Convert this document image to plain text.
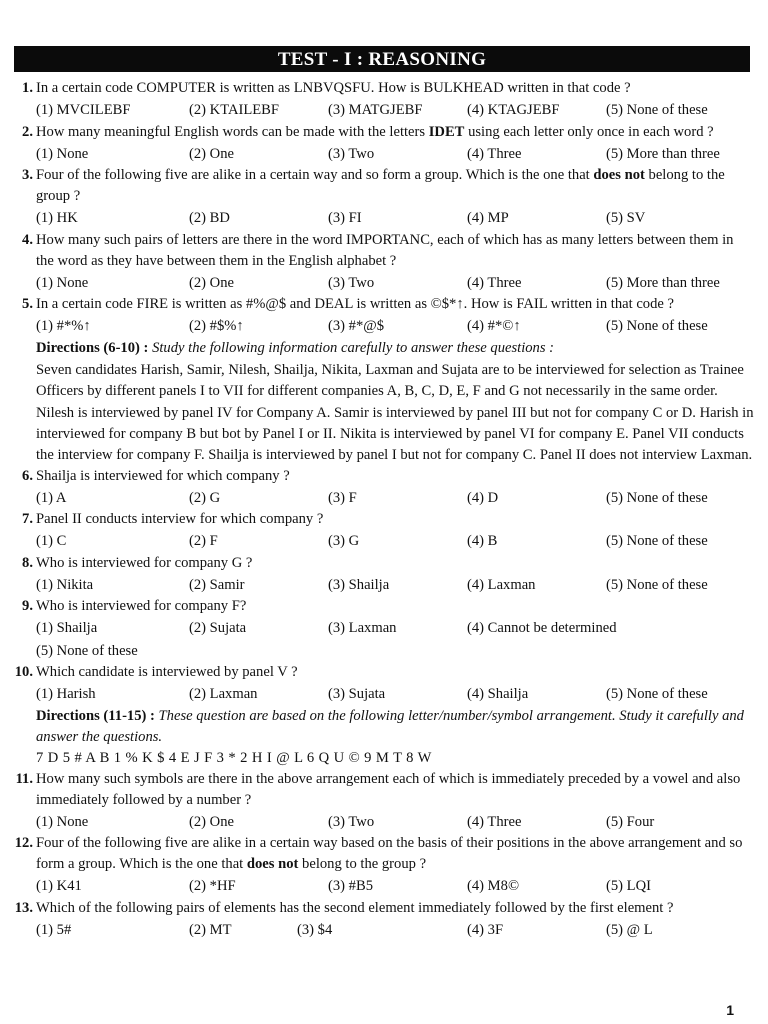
TEST - I : REASONING
1. In a certain code COMPUTER is written as LNBVQSFU. How is BULKHEAD written in that code ?
(1) MVCILEBF	(2) KTAILEBF	(3) MATGJEBF	(4) KTAGJEBF	(5) None of these
2. How many meaningful English words can be made with the letters IDET using each letter only once in each word ?
(1) None	(2) One	(3) Two	(4) Three	(5) More than three
3. Four of the following five are alike in a certain way and so form a group. Which is the one that does not belong to the group ?
(1) HK	(2) BD	(3) FI	(4) MP	(5) SV
4. How many such pairs of letters are there in the word IMPORTANC, each of which has as many letters between them in the word as they have between them in the English alphabet ?
(1) None	(2) One	(3) Two	(4) Three	(5) More than three
5. In a certain code FIRE is written as #%@$ and DEAL is written as ©$*↑. How is FAIL written in that code ?
(1) #*%↑	(2) #$%↑	(3) #*@$	(4) #*©↑	(5) None of these
Directions (6-10) : Study the following information carefully to answer these questions :
Seven candidates Harish, Samir, Nilesh, Shailja, Nikita, Laxman and Sujata are to be interviewed for selection as Trainee Officers by different panels I to VII for different companies A, B, C, D, E, F and G not necessarily in the same order.
Nilesh is interviewed by panel IV for Company A. Samir is interviewed by panel III but not for company C or D. Harish in interviewed for company B but bot by Panel I or II. Nikita is interviewed by panel VI for company E. Panel VII conducts the interview for company F. Shailja is interviewed by panel I but not for company C. Panel II does not interview Laxman.
6. Shailja is interviewed for which company ?
(1) A	(2) G	(3) F	(4) D	(5) None of these
7. Panel II conducts interview for which company ?
(1) C	(2) F	(3) G	(4) B	(5) None of these
8. Who is interviewed for company G ?
(1) Nikita	(2) Samir	(3) Shailja	(4) Laxman	(5) None of these
9. Who is interviewed for company F?
(1) Shailja	(2) Sujata	(3) Laxman	(4) Cannot be determined
(5) None of these
10. Which candidate is interviewed by panel V ?
(1) Harish	(2) Laxman	(3) Sujata	(4) Shailja	(5) None of these
Directions (11-15) : These question are based on the following letter/number/symbol arrangement. Study it carefully and answer the questions.
7 D 5 # A B 1 % K $ 4 E J F 3 * 2 H I @ L 6 Q U © 9 M T 8 W
11. How many such symbols are there in the above arrangement each of which is immediately preceded by a vowel and also immediately followed by a number ?
(1) None	(2) One	(3) Two	(4) Three	(5) Four
12. Four of the following five are alike in a certain way based on the basis of their positions in the above arrangement and so form a group. Which is the one that does not belong to the group ?
(1) K41	(2) *HF	(3) #B5	(4) M8©	(5) LQI
13. Which of the following pairs of elements has the second element immediately followed by the first element ?
(1) 5#	(2) MT	(3) $4	(4) 3F	(5) @ L
1
